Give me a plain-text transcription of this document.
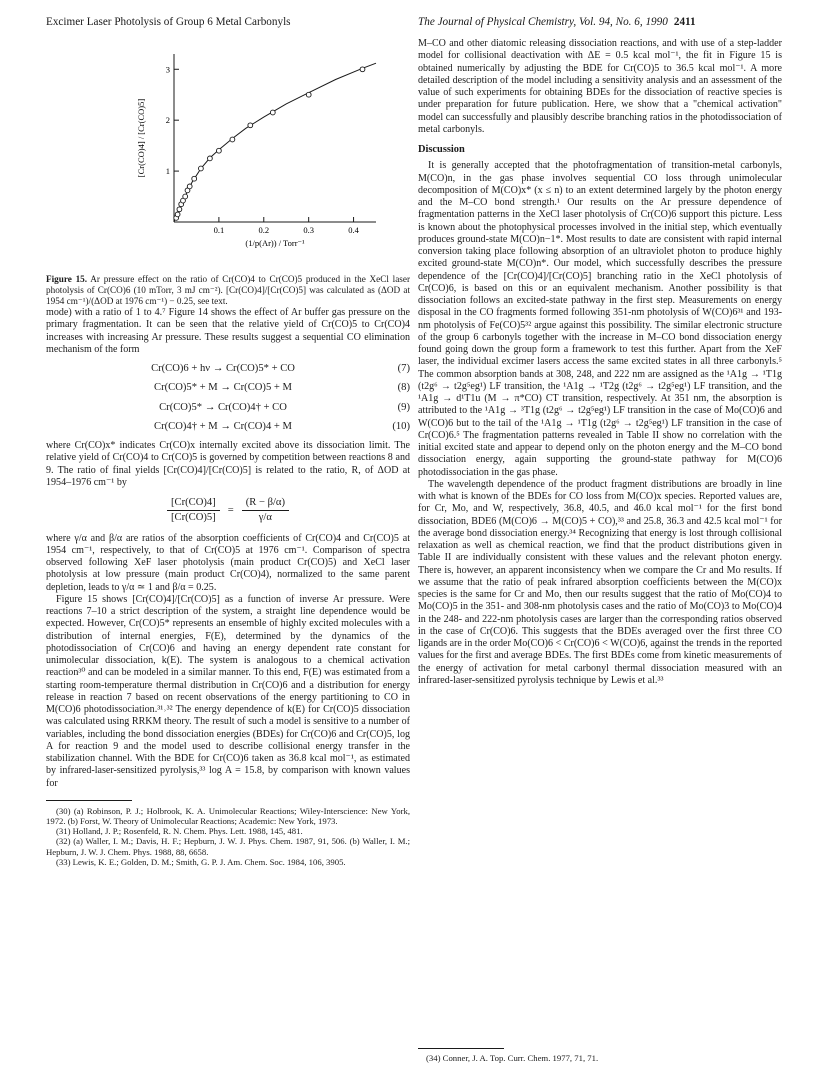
Excimer Laser Photolysis of Group 6 Metal Carbonyls	The Journal of Physical Chemistry, Vol. 94, No. 6, 1990 2411
1
2
3
0.1	0.2	0.3	0.4
[Cr(CO)4] / [Cr(CO)5]
(1/p(Ar)) / Torr⁻¹

Figure 15. Ar pressure effect on the ratio of Cr(CO)4 to Cr(CO)5 produced in the XeCl laser photolysis of Cr(CO)6 (10 mTorr, 3 mJ cm⁻²). [Cr(CO)4]/[Cr(CO)5] was calculated as (ΔOD at 1954 cm⁻¹)/(ΔOD at 1976 cm⁻¹) − 0.25, see text.

mode) with a ratio of 1 to 4.⁷ Figure 14 shows the effect of Ar buffer gas pressure on the primary fragmentation. It can be seen that the relative yield of Cr(CO)5 to Cr(CO)4 increases with increasing Ar pressure. These results suggest a sequential CO elimination mechanism of the form

Cr(CO)6 + hν → Cr(CO)5* + CO	(7)
Cr(CO)5* + M → Cr(CO)5 + M	(8)
Cr(CO)5* → Cr(CO)4† + CO	(9)
Cr(CO)4† + M → Cr(CO)4 + M	(10)

where Cr(CO)x* indicates Cr(CO)x internally excited above its dissociation limit. The relative yield of Cr(CO)4 to Cr(CO)5 is governed by competition between reactions 8 and 9. The ratio of final yields [Cr(CO)4]/[Cr(CO)5] is related to the ratio, R, of ΔOD at 1954–1976 cm⁻¹ by

$\frac{[Cr(CO)4]}{[Cr(CO)5]} = \frac{(R - \beta/\alpha)}{\gamma/\alpha}$

where γ/α and β/α are ratios of the absorption coefficients of Cr(CO)4 and Cr(CO)5 at 1954 cm⁻¹, respectively, to that of Cr(CO)5 at 1976 cm⁻¹. Comparison of spectra observed following XeF laser photolysis (main product Cr(CO)5) and XeCl laser photolysis at low pressure (main product Cr(CO)4), normalized to the same parent depletion, leads to γ/α ≃ 1 and β/α = 0.25.

Figure 15 shows [Cr(CO)4]/[Cr(CO)5] as a function of inverse Ar pressure. Were reactions 7–10 a strict description of the system, a straight line dependence would be expected. However, Cr(CO)5* represents an ensemble of highly excited molecules with a distribution of internal energies, F(E), determined by the dynamics of the photodissociation of Cr(CO)6 and having an energy dependent rate constant for unimolecular dissociation, k(E). The system is analogous to a chemical activation reaction³⁰ and can be modeled in a similar manner. To this end, F(E) was estimated from a starting room-temperature thermal distribution in Cr(CO)6 and a distribution for energy release in reaction 7 based on recent observations of the energy partitioning to CO in M(CO)6 photodissociation.³¹˒³² The energy dependence of k(E) for Cr(CO)5 dissociation was calculated using RRKM theory. The result of such a model is sensitive to a number of variables, including the bond dissociation energies (BDEs) for Cr(CO)6 and Cr(CO)5, log A for reaction 9 and the model used to describe collisional energy transfer in the stabilization channel. With the BDE for Cr(CO)6 taken as 36.8 kcal mol⁻¹, as estimated by infrared-laser-sensitized pyrolysis,³³ log A = 15.8, by comparison with known values for

(30) (a) Robinson, P. J.; Holbrook, K. A. Unimolecular Reactions; Wiley-Interscience: New York, 1972. (b) Forst, W. Theory of Unimolecular Reactions; Academic: New York, 1973.

(31) Holland, J. P.; Rosenfeld, R. N. Chem. Phys. Lett. 1988, 145, 481.

(32) (a) Waller, I. M.; Davis, H. F.; Hepburn, J. W. J. Phys. Chem. 1987, 91, 506. (b) Waller, I. M.; Hepburn, J. W. J. Chem. Phys. 1988, 88, 6658.

(33) Lewis, K. E.; Golden, D. M.; Smith, G. P. J. Am. Chem. Soc. 1984, 106, 3905.

M–CO and other diatomic releasing dissociation reactions, and with use of a step-ladder model for collisional deactivation with ΔE = 0.5 kcal mol⁻¹, the fit in Figure 15 is obtained numerically by adjusting the BDE for Cr(CO)5 to 36.5 kcal mol⁻¹. A more detailed description of the model including a sensitivity analysis and an assessment of the value of such experiments for obtaining BDEs for the dissociation of reactive species is under preparation for future publication. Here, we show that a "chemical activation" model can successfully and plausibly describe branching ratios in the photodissociation of metal carbonyls.

Discussion

It is generally accepted that the photofragmentation of transition-metal carbonyls, M(CO)n, in the gas phase involves sequential CO loss through unimolecular decomposition of M(CO)x* (x ≤ n) to an extent determined largely by the photon energy and the M–CO bond strength.¹ Our results on the Ar pressure dependence of fragmentation patterns in the XeCl laser photolysis of Cr(CO)6 support this picture. Less is known about the photophysical processes involved in the initial step, which eventually produces ground-state M(CO)n−1*. Most results to date are consistent with rapid internal conversion taking place following absorption of an ultraviolet photon to produce highly excited ground-state M(CO)n*. Our model, which successfully describes the pressure dependence of the [Cr(CO)4]/[Cr(CO)5] branching ratio in the XeCl photolysis of Cr(CO)6, is based on this or an equivalent mechanism. Another possibility is that dissociation follows an excited-state pathway in the first step. Measurements on energy disposal in the CO fragments formed following 351-nm photolysis of W(CO)6³¹ and 193-nm photolysis of Fe(CO)5³² argue against this possibility. The similar electronic structure of the group 6 carbonyls together with the increase in M–CO bond dissociation energy found going down the group form a framework to test this further. Apart from the XeF laser, the individual excimer lasers access the same excited states in all three carbonyls.⁵ The common absorption bands at 308, 248, and 222 nm are assigned as the ¹A1g → ¹T1g (t2g⁶ → t2g⁵eg¹) LF transition, the ¹A1g → ¹T2g (t2g⁶ → t2g⁵eg¹) LF transition, and the ¹A1g → d¹T1u (M → π*CO) CT transition, respectively. At 351 nm, the absorption is attributed to the ¹A1g → ³T1g (t2g⁶ → t2g⁵eg¹) LF transition in the case of Mo(CO)6 and W(CO)6 but to the tail of the ¹A1g → ¹T1g (t2g⁶ → t2g⁵eg¹) LF transition in the case of Cr(CO)6.⁵ The fragmentation patterns revealed in Table II show no correlation with the initial excited state and appear to depend only on the photon energy and the M–CO bond dissociation energy, again supporting the ground-state pathway for M(CO)6 photodissociation in the gas phase.

The wavelength dependence of the product fragment distributions are broadly in line with what is known of the BDEs for CO loss from M(CO)x species. Reported values are, for Cr, Mo, and W, respectively, 36.8, 40.5, and 46.0 kcal mol⁻¹ for the first bond dissociation, BDE6 (M(CO)6 → M(CO)5 + CO),³³ and 25.8, 36.3 and 42.5 kcal mol⁻¹ for the average bond dissociation energy.³⁴ Recognizing that energy is lost through collisional relaxation as well as chemical reaction, we find that the product distributions given in Table II are individually consistent with these values and the relevant photon energy. There is, however, an apparent inconsistency when we compare the Cr and Mo results. If we assume that the ratio of peak infrared absorption coefficients between the M(CO)x species is the same for Cr and Mo, then our results suggest that the ratio of Mo(CO)4 to Mo(CO)5 in the 351- and 308-nm photolysis cases and the ratio of Mo(CO)3 to Mo(CO)4 in the 248- and 222-nm photolysis cases are larger than the corresponding ratios observed in the case of Cr(CO)6. This suggests that the BDEs averaged over the first three CO ligands are in the order Mo(CO)6 < Cr(CO)6 < W(CO)6, against the trends in the reported values for the first and average BDEs. The first BDEs come from kinetic measurements of the energy of activation for metal carbonyl thermal dissociation measured with an infrared-laser-sensitized pyrolysis technique by Lewis et al.³³

(34) Conner, J. A. Top. Curr. Chem. 1977, 71, 71.
